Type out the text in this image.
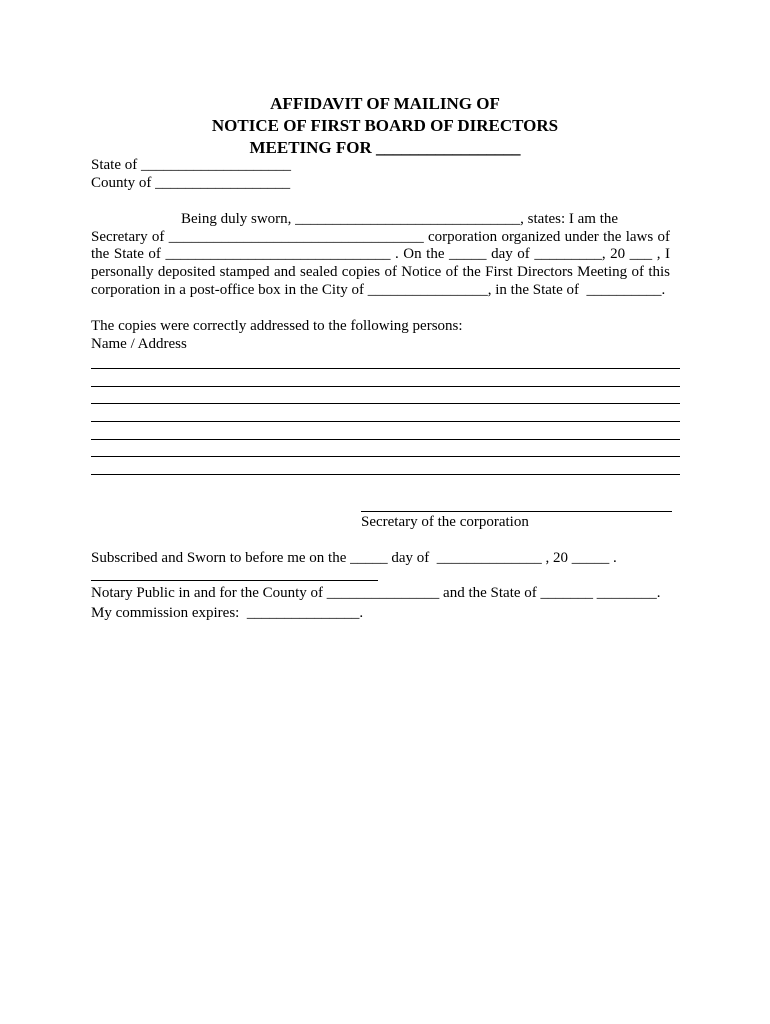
AFFIDAVIT OF MAILING OF
NOTICE OF FIRST BOARD OF DIRECTORS
MEETING FOR _________________
State of ____________________
County of __________________
Being duly sworn, ______________________________, states: I am the
Secretary of __________________________________ corporation organized under the laws of
the State of ______________________________ . On the _____ day of _________, 20 ___ , I
personally deposited stamped and sealed copies of Notice of the First Directors Meeting of this
corporation in a post-office box in the City of ________________, in the State of  __________.
The copies were correctly addressed to the following persons:
Name / Address
Secretary of the corporation
Subscribed and Sworn to before me on the _____ day of  ______________ , 20 _____ .
Notary Public in and for the County of _______________ and the State of _______ ________.
My commission expires:  _______________.
